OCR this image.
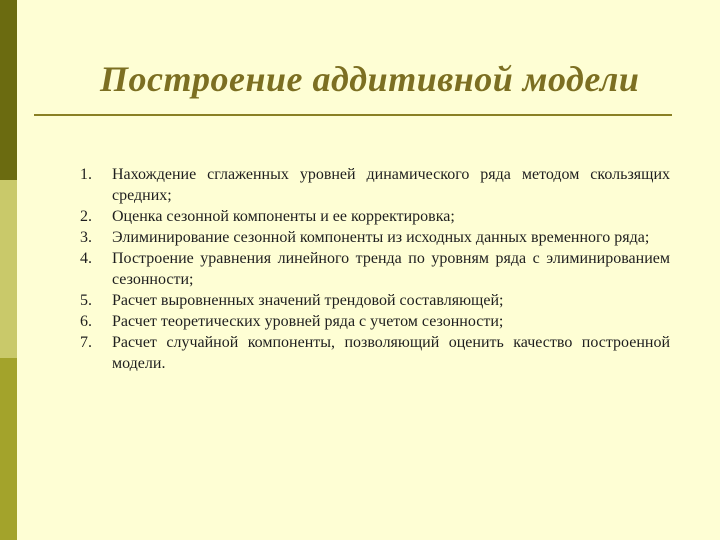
Построение аддитивной модели
1.	Нахождение сглаженных уровней динамического ряда методом скользящих средних;
2.	Оценка сезонной компоненты и ее корректировка;
3.	Элиминирование сезонной компоненты из исходных данных временного ряда;
4.	Построение уравнения линейного тренда по уровням ряда с элиминированием сезонности;
5.	Расчет выровненных значений трендовой составляющей;
6.	Расчет теоретических уровней ряда с учетом сезонности;
7.	Расчет случайной компоненты, позволяющий оценить качество построенной модели.
